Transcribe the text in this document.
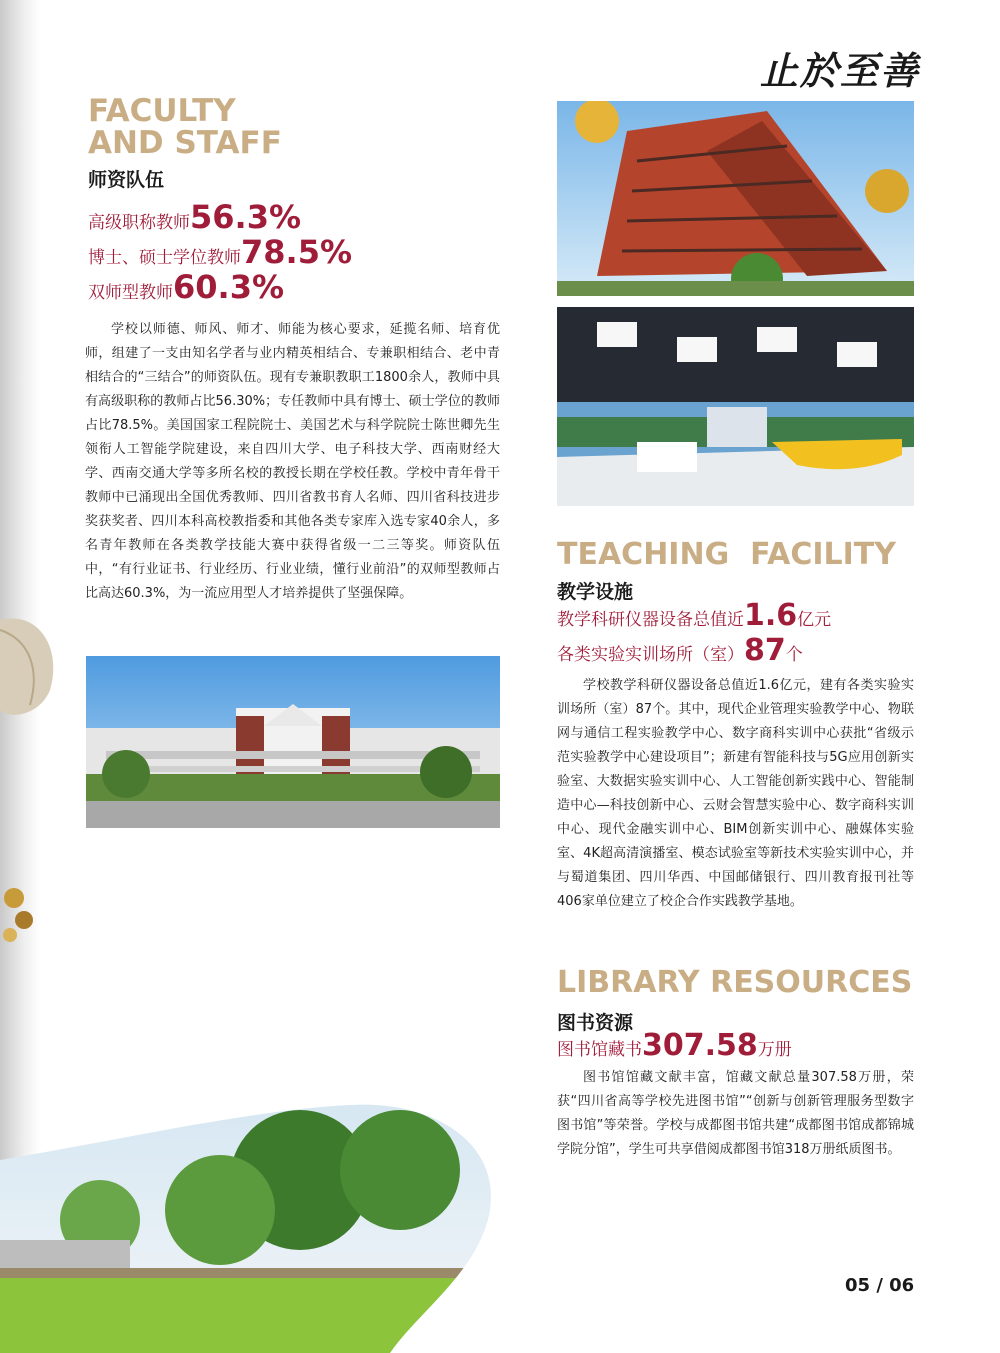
止於至善
FACULTY
AND STAFF
师资队伍
高级职称教师56.3%
博士、硕士学位教师78.5%
双师型教师60.3%

学校以师德、师风、师才、师能为核心要求，延揽名师、培育优师，组建了一支由知名学者与业内精英相结合、专兼职相结合、老中青相结合的“三结合”的师资队伍。现有专兼职教职工1800余人，教师中具有高级职称的教师占比56.30%；专任教师中具有博士、硕士学位的教师占比78.5%。美国国家工程院院士、美国艺术与科学院院士陈世卿先生领衔人工智能学院建设，来自四川大学、电子科技大学、西南财经大学、西南交通大学等多所名校的教授长期在学校任教。学校中青年骨干教师中已涌现出全国优秀教师、四川省教书育人名师、四川省科技进步奖获奖者、四川本科高校教指委和其他各类专家库入选专家40余人，多名青年教师在各类教学技能大赛中获得省级一二三等奖。师资队伍中，“有行业证书、行业经历、行业业绩，懂行业前沿”的双师型教师占比高达60.3%，为一流应用型人才培养提供了坚强保障。

TEACHING  FACILITY
教学设施
教学科研仪器设备总值近1.6亿元
各类实验实训场所（室）87个

学校教学科研仪器设备总值近1.6亿元，建有各类实验实训场所（室）87个。其中，现代企业管理实验教学中心、物联网与通信工程实验教学中心、数字商科实训中心获批“省级示范实验教学中心建设项目”；新建有智能科技与5G应用创新实验室、大数据实验实训中心、人工智能创新实践中心、智能制造中心—科技创新中心、云财会智慧实验中心、数字商科实训中心、现代金融实训中心、BIM创新实训中心、融媒体实验室、4K超高清演播室、模态试验室等新技术实验实训中心，并与蜀道集团、四川华西、中国邮储银行、四川教育报刊社等406家单位建立了校企合作实践教学基地。

LIBRARY RESOURCES
图书资源
图书馆藏书307.58万册

图书馆馆藏文献丰富，馆藏文献总量307.58万册，荣获“四川省高等学校先进图书馆”“创新与创新管理服务型数字图书馆”等荣誉。学校与成都图书馆共建“成都图书馆成都锦城学院分馆”，学生可共享借阅成都图书馆318万册纸质图书。

05 / 06
